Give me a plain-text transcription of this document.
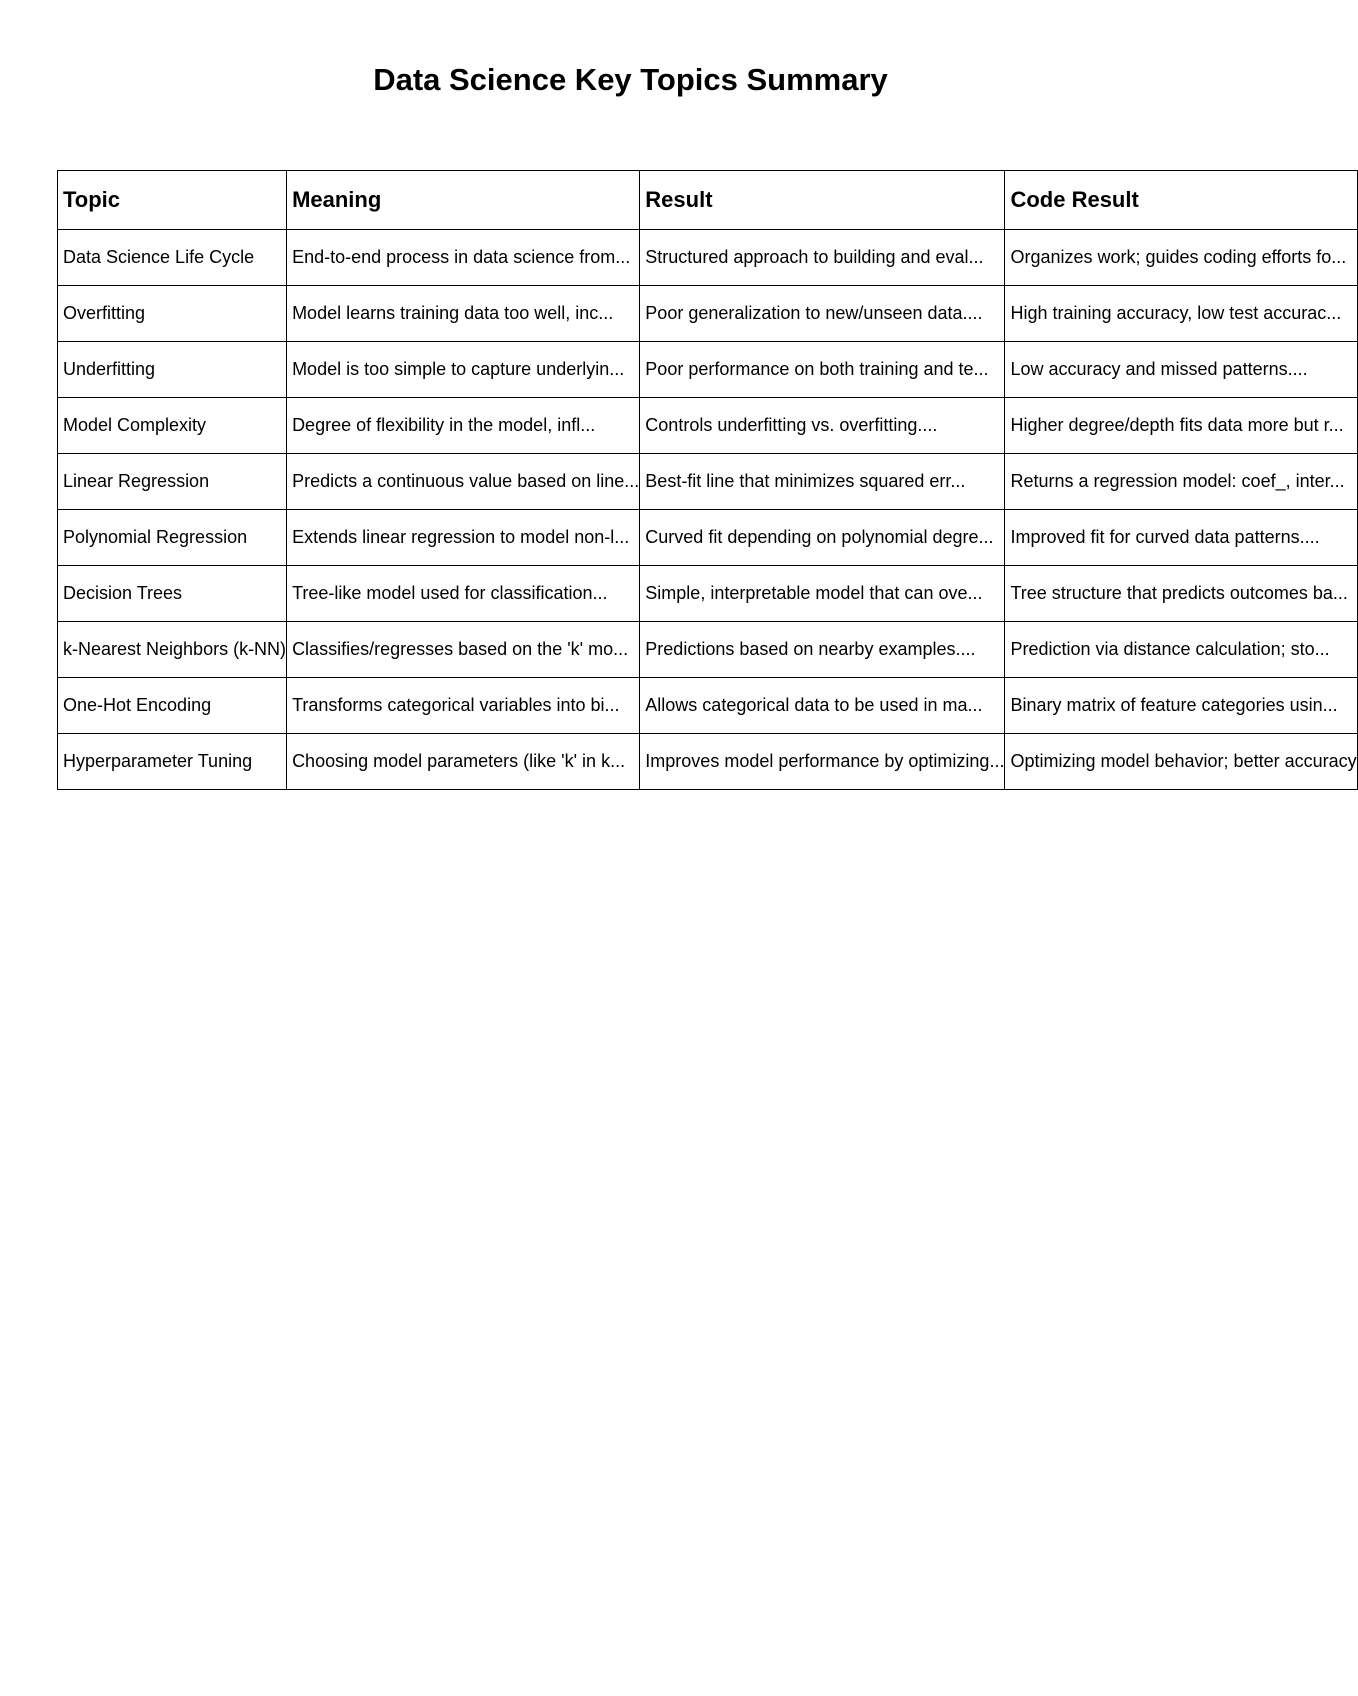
Data Science Key Topics Summary
Topic	Meaning	Result	Code Result

Data Science Life Cycle	End-to-end process in data science from...	Structured approach to building and eval...	Organizes work; guides coding efforts fo...

Overfitting	Model learns training data too well, inc...	Poor generalization to new/unseen data....	High training accuracy, low test accurac...

Underfitting	Model is too simple to capture underlyin...	Poor performance on both training and te...	Low accuracy and missed patterns....

Model Complexity	Degree of flexibility in the model, infl...	Controls underfitting vs. overfitting....	Higher degree/depth fits data more but r...

Linear Regression	Predicts a continuous value based on line...	Best-fit line that minimizes squared err...	Returns a regression model: coef_, inter...

Polynomial Regression	Extends linear regression to model non-l...	Curved fit depending on polynomial degre...	Improved fit for curved data patterns....

Decision Trees	Tree-like model used for classification...	Simple, interpretable model that can ove...	Tree structure that predicts outcomes ba...

k-Nearest Neighbors (k-NN)	Classifies/regresses based on the 'k' mo...	Predictions based on nearby examples....	Prediction via distance calculation; sto...

One-Hot Encoding	Transforms categorical variables into bi...	Allows categorical data to be used in ma...	Binary matrix of feature categories usin...

Hyperparameter Tuning	Choosing model parameters (like 'k' in k...	Improves model performance by optimizing...	Optimizing model behavior; better accuracy
